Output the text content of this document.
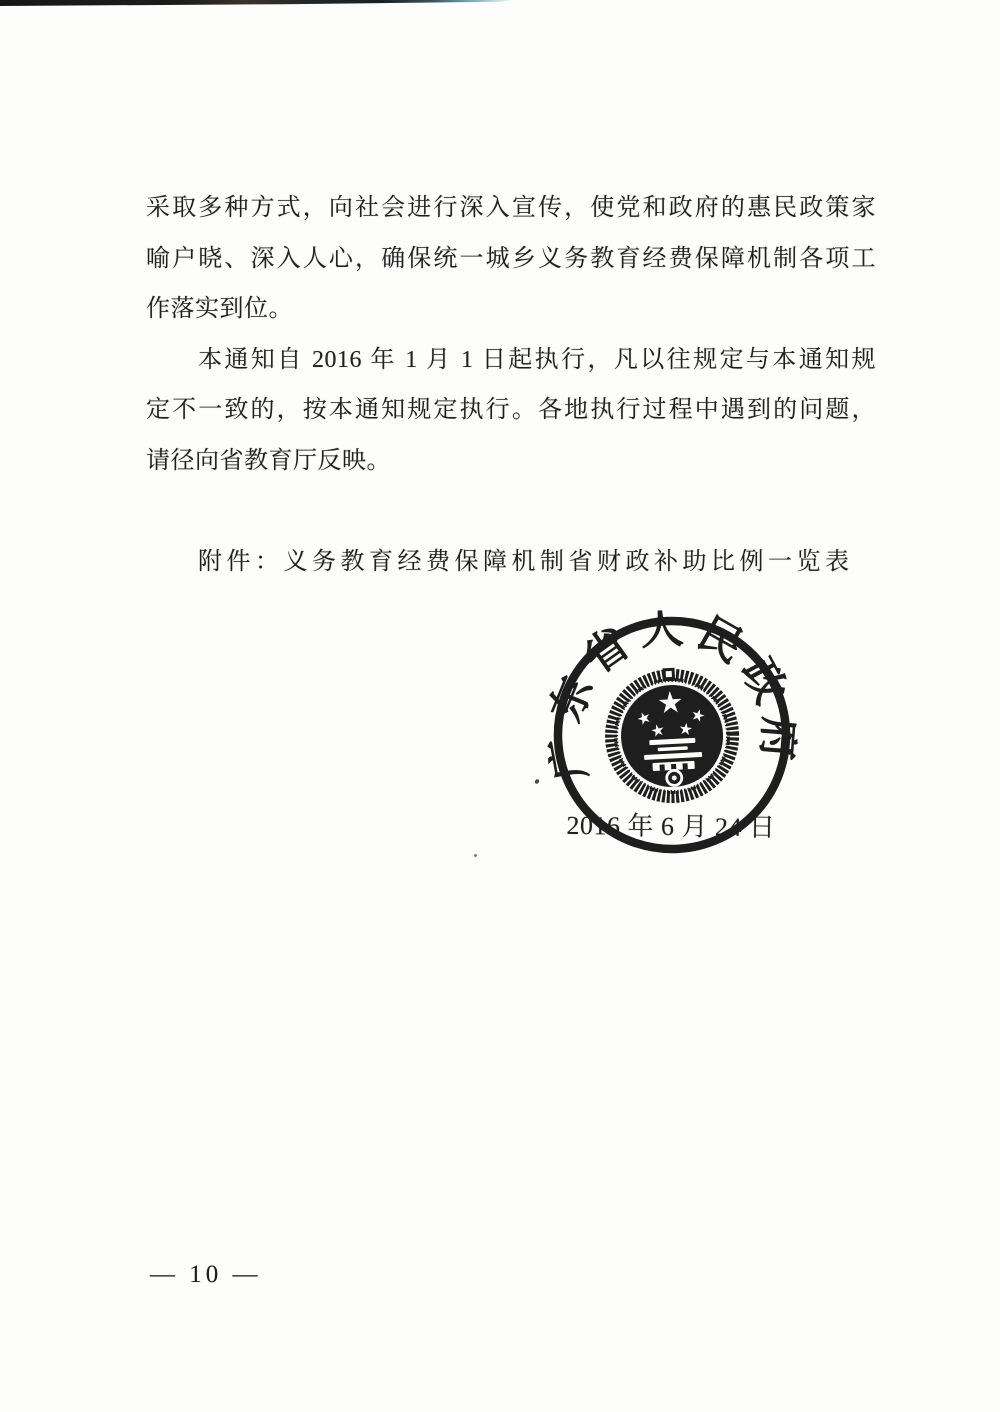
采取多种方式，向社会进行深入宣传，使党和政府的惠民政策家
喻户晓、深入人心，确保统一城乡义务教育经费保障机制各项工
作落实到位。
本通知自 2016 年 1 月 1 日起执行，凡以往规定与本通知规
定不一致的，按本通知规定执行。各地执行过程中遇到的问题，
请径向省教育厅反映。
附件：义务教育经费保障机制省财政补助比例一览表
广东省人民政府
2016 年 6 月 24 日
— 10 —
